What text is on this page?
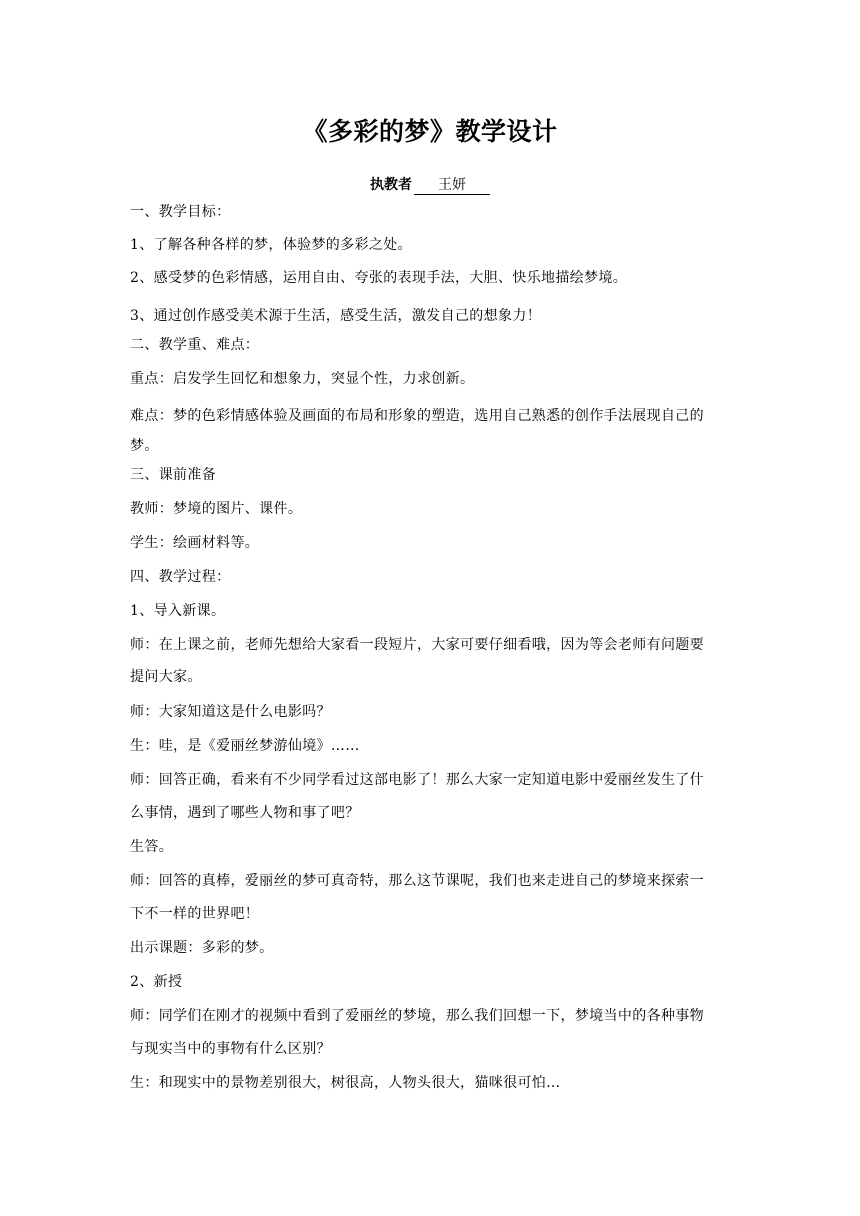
《多彩的梦》教学设计
执教者 王妍
一、教学目标：
1、了解各种各样的梦，体验梦的多彩之处。
2、感受梦的色彩情感，运用自由、夸张的表现手法，大胆、快乐地描绘梦境。
3、通过创作感受美术源于生活，感受生活，激发自己的想象力！
二、教学重、难点：
重点：启发学生回忆和想象力，突显个性，力求创新。
难点：梦的色彩情感体验及画面的布局和形象的塑造，选用自己熟悉的创作手法展现自己的
梦。
三、课前准备
教师：梦境的图片、课件。
学生：绘画材料等。
四、教学过程：
1、导入新课。
师：在上课之前，老师先想给大家看一段短片，大家可要仔细看哦，因为等会老师有问题要
提问大家。
师：大家知道这是什么电影吗？
生：哇，是《爱丽丝梦游仙境》……
师：回答正确，看来有不少同学看过这部电影了！那么大家一定知道电影中爱丽丝发生了什
么事情，遇到了哪些人物和事了吧？
生答。
师：回答的真棒，爱丽丝的梦可真奇特，那么这节课呢，我们也来走进自己的梦境来探索一
下不一样的世界吧！
出示课题：多彩的梦。
2、新授
师：同学们在刚才的视频中看到了爱丽丝的梦境，那么我们回想一下，梦境当中的各种事物
与现实当中的事物有什么区别？
生：和现实中的景物差别很大，树很高，人物头很大，猫咪很可怕…
